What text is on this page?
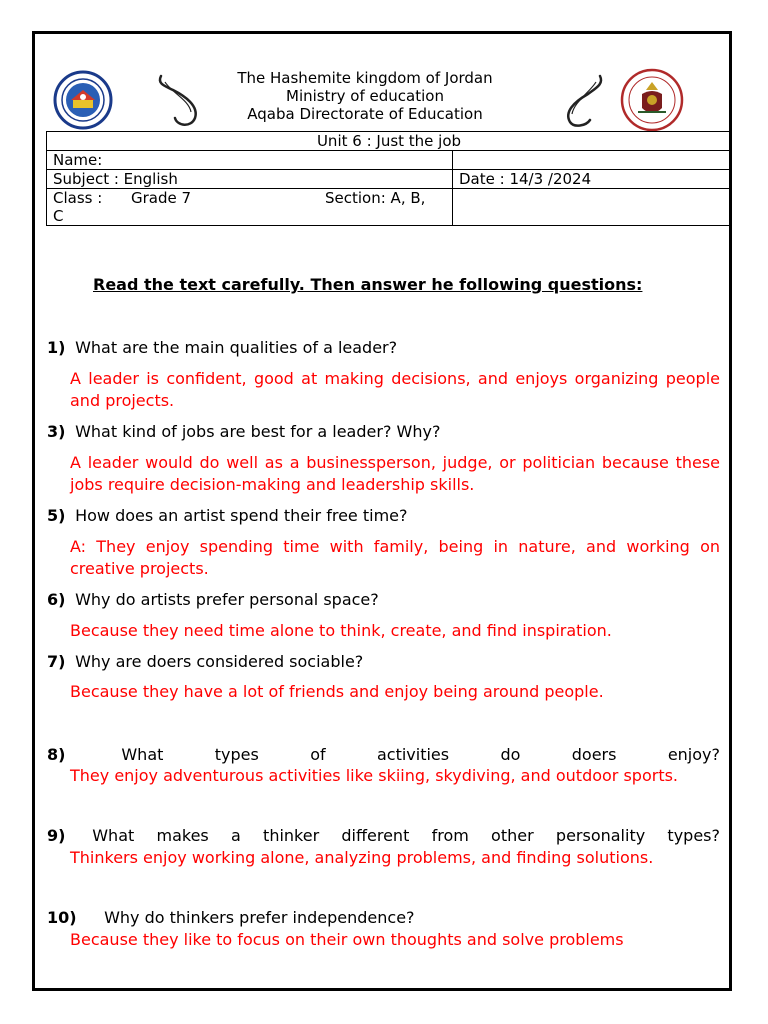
The Hashemite kingdom of Jordan
Ministry of education
Aqaba Directorate of Education
Unit 6 : Just the job	
Name:	
Subject : English	Date : 14/3 /2024
Class : Grade 7 Section: A, B,

C	
Read the text carefully. Then answer he following questions:
1) What are the main qualities of a leader?
A leader is confident, good at making decisions, and enjoys organizing people and projects.
3) What kind of jobs are best for a leader? Why?
A leader would do well as a businessperson, judge, or politician because these jobs require decision-making and leadership skills.
5) How does an artist spend their free time?
A: They enjoy spending time with family, being in nature, and working on creative projects.
6) Why do artists prefer personal space?
Because they need time alone to think, create, and find inspiration.
7) Why are doers considered sociable?
Because they have a lot of friends and enjoy being around people.
8)	What types of activities do doers enjoy?
They enjoy adventurous activities like skiing, skydiving, and outdoor sports.
9) What makes a thinker different from other personality types?
Thinkers enjoy working alone, analyzing problems, and finding solutions.
10) Why do thinkers prefer independence?
Because they like to focus on their own thoughts and solve problems
